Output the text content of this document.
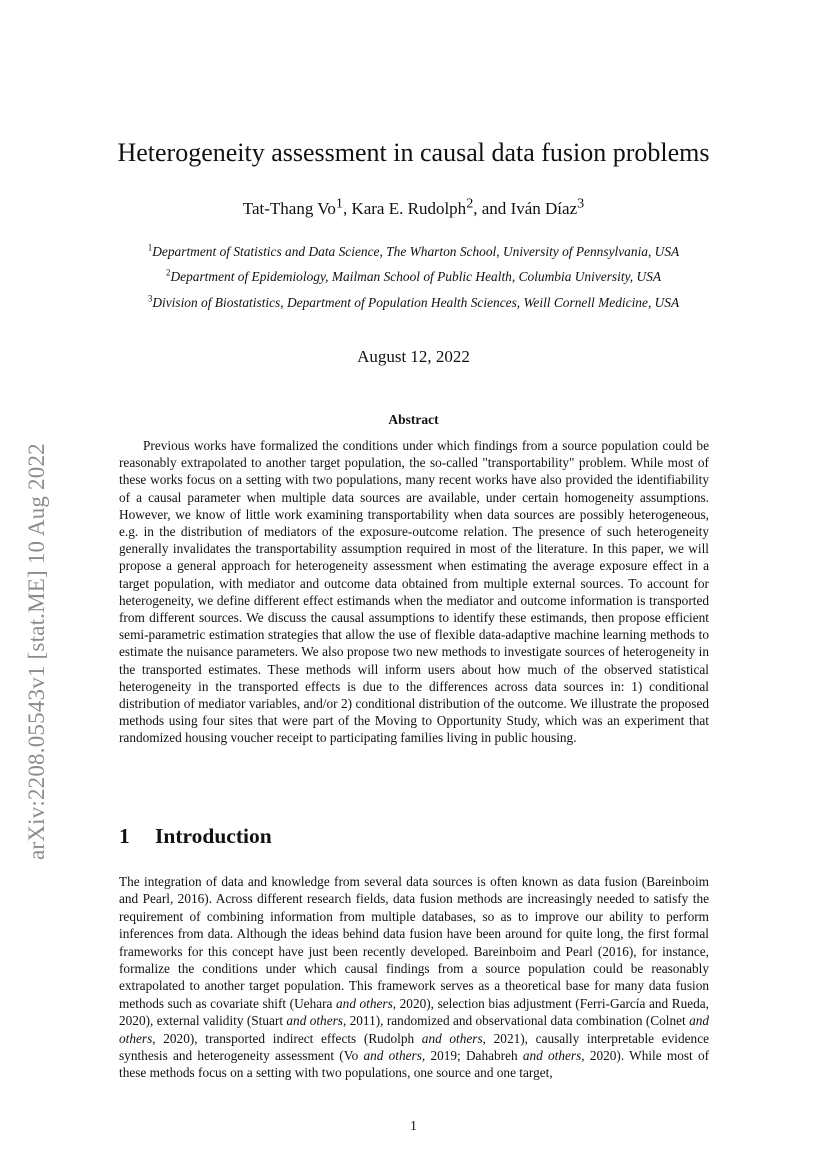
arXiv:2208.05543v1 [stat.ME] 10 Aug 2022
Heterogeneity assessment in causal data fusion problems
Tat-Thang Vo$^1$, Kara E. Rudolph$^2$, and Iván Díaz$^3$
$^1$Department of Statistics and Data Science, The Wharton School, University of Pennsylvania, USA
$^2$Department of Epidemiology, Mailman School of Public Health, Columbia University, USA
$^3$Division of Biostatistics, Department of Population Health Sciences, Weill Cornell Medicine, USA
August 12, 2022
Abstract
Previous works have formalized the conditions under which findings from a source population could be reasonably extrapolated to another target population, the so-called "transportability" problem. While most of these works focus on a setting with two populations, many recent works have also provided the identifiability of a causal parameter when multiple data sources are available, under certain homogeneity assumptions. However, we know of little work examining transportability when data sources are possibly heterogeneous, e.g. in the distribution of mediators of the exposure-outcome relation. The presence of such heterogeneity generally invalidates the transportability assumption required in most of the literature. In this paper, we will propose a general approach for heterogeneity assessment when estimating the average exposure effect in a target population, with mediator and outcome data obtained from multiple external sources. To account for heterogeneity, we define different effect estimands when the mediator and outcome information is transported from different sources. We discuss the causal assumptions to identify these estimands, then propose efficient semi-parametric estimation strategies that allow the use of flexible data-adaptive machine learning methods to estimate the nuisance parameters. We also propose two new methods to investigate sources of heterogeneity in the transported estimates. These methods will inform users about how much of the observed statistical heterogeneity in the transported effects is due to the differences across data sources in: 1) conditional distribution of mediator variables, and/or 2) conditional distribution of the outcome. We illustrate the proposed methods using four sites that were part of the Moving to Opportunity Study, which was an experiment that randomized housing voucher receipt to participating families living in public housing.
1 Introduction
The integration of data and knowledge from several data sources is often known as data fusion (Bareinboim and Pearl, 2016). Across different research fields, data fusion methods are increasingly needed to satisfy the requirement of combining information from multiple databases, so as to improve our ability to perform inferences from data. Although the ideas behind data fusion have been around for quite long, the first formal frameworks for this concept have just been recently developed. Bareinboim and Pearl (2016), for instance, formalize the conditions under which causal findings from a source population could be reasonably extrapolated to another target population. This framework serves as a theoretical base for many data fusion methods such as covariate shift (Uehara and others, 2020), selection bias adjustment (Ferri-García and Rueda, 2020), external validity (Stuart and others, 2011), randomized and observational data combination (Colnet and others, 2020), transported indirect effects (Rudolph and others, 2021), causally interpretable evidence synthesis and heterogeneity assessment (Vo and others, 2019; Dahabreh and others, 2020). While most of these methods focus on a setting with two populations, one source and one target,
1
